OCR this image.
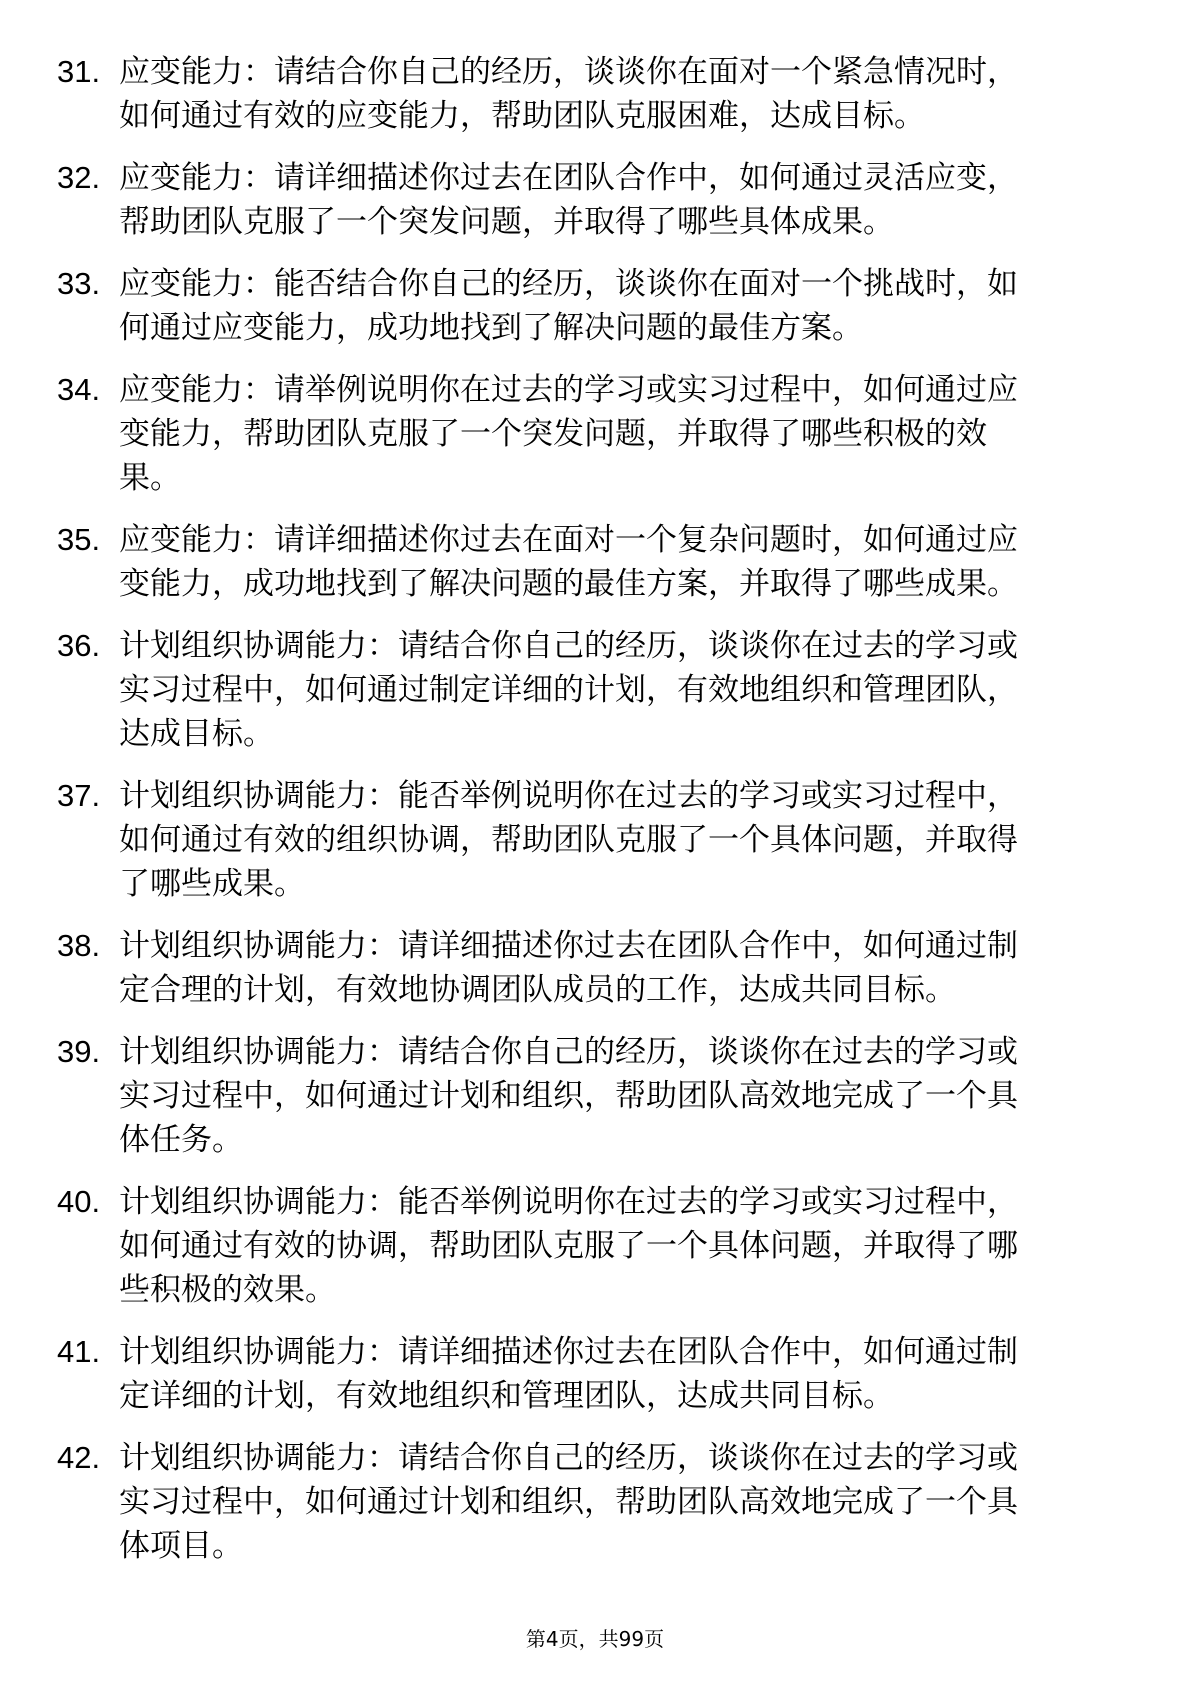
31. 应变能力：请结合你自己的经历，谈谈你在面对一个紧急情况时，如何通过有效的应变能力，帮助团队克服困难，达成目标。
32. 应变能力：请详细描述你过去在团队合作中，如何通过灵活应变，帮助团队克服了一个突发问题，并取得了哪些具体成果。
33. 应变能力：能否结合你自己的经历，谈谈你在面对一个挑战时，如何通过应变能力，成功地找到了解决问题的最佳方案。
34. 应变能力：请举例说明你在过去的学习或实习过程中，如何通过应变能力，帮助团队克服了一个突发问题，并取得了哪些积极的效果。
35. 应变能力：请详细描述你过去在面对一个复杂问题时，如何通过应变能力，成功地找到了解决问题的最佳方案，并取得了哪些成果。
36. 计划组织协调能力：请结合你自己的经历，谈谈你在过去的学习或实习过程中，如何通过制定详细的计划，有效地组织和管理团队，达成目标。
37. 计划组织协调能力：能否举例说明你在过去的学习或实习过程中，如何通过有效的组织协调，帮助团队克服了一个具体问题，并取得了哪些成果。
38. 计划组织协调能力：请详细描述你过去在团队合作中，如何通过制定合理的计划，有效地协调团队成员的工作，达成共同目标。
39. 计划组织协调能力：请结合你自己的经历，谈谈你在过去的学习或实习过程中，如何通过计划和组织，帮助团队高效地完成了一个具体任务。
40. 计划组织协调能力：能否举例说明你在过去的学习或实习过程中，如何通过有效的协调，帮助团队克服了一个具体问题，并取得了哪些积极的效果。
41. 计划组织协调能力：请详细描述你过去在团队合作中，如何通过制定详细的计划，有效地组织和管理团队，达成共同目标。
42. 计划组织协调能力：请结合你自己的经历，谈谈你在过去的学习或实习过程中，如何通过计划和组织，帮助团队高效地完成了一个具体项目。
第4页，共99页
